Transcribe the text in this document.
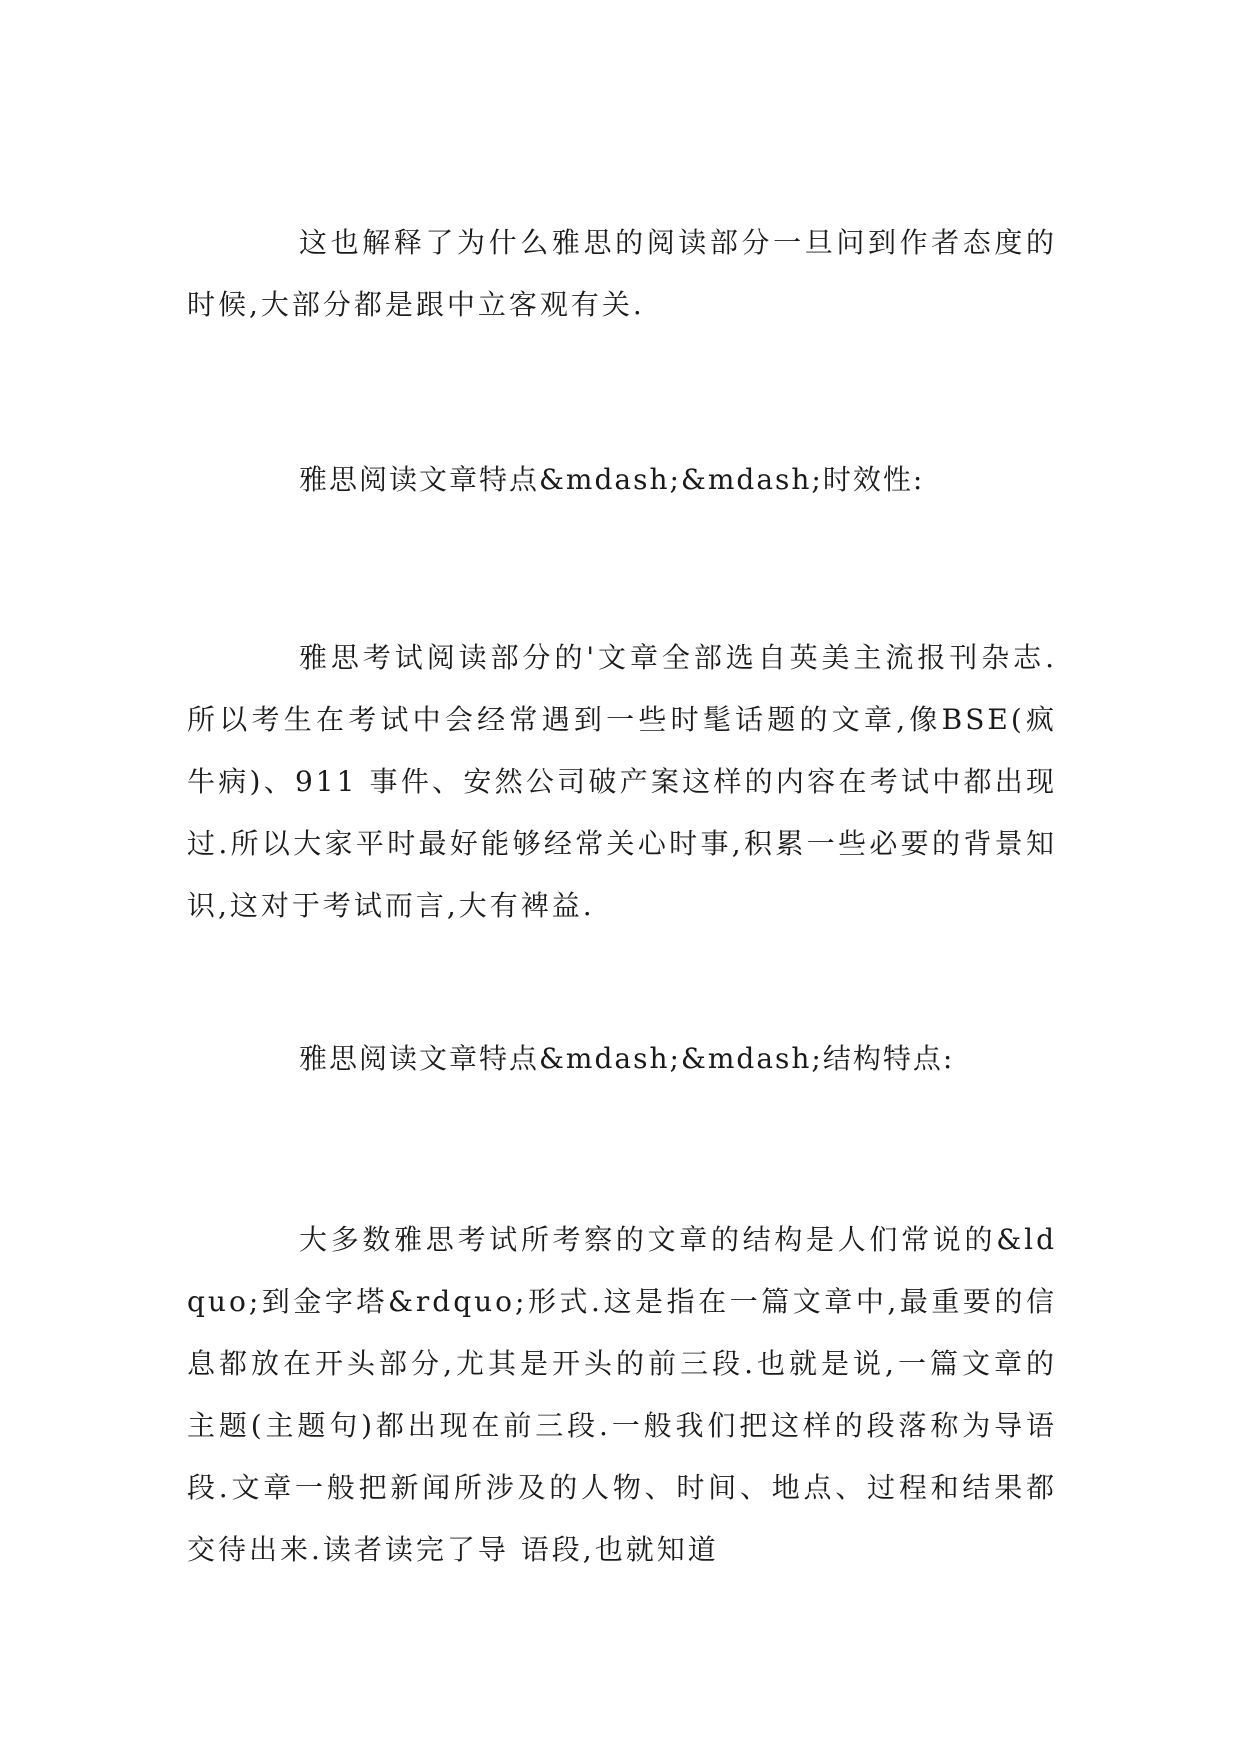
这也解释了为什么雅思的阅读部分一旦问到作者态度的时候,大部分都是跟中立客观有关.

雅思阅读文章特点&mdash;&mdash;时效性:

雅思考试阅读部分的'文章全部选自英美主流报刊杂志.所以考生在考试中会经常遇到一些时髦话题的文章,像BSE(疯牛病)、911 事件、安然公司破产案这样的内容在考试中都出现过.所以大家平时最好能够经常关心时事,积累一些必要的背景知识,这对于考试而言,大有裨益.

雅思阅读文章特点&mdash;&mdash;结构特点:

大多数雅思考试所考察的文章的结构是人们常说的&ldquo;到金字塔&rdquo;形式.这是指在一篇文章中,最重要的信息都放在开头部分,尤其是开头的前三段.也就是说,一篇文章的主题(主题句)都出现在前三段.一般我们把这样的段落称为导语段.文章一般把新闻所涉及的人物、时间、地点、过程和结果都交待出来.读者读完了导 语段,也就知道
